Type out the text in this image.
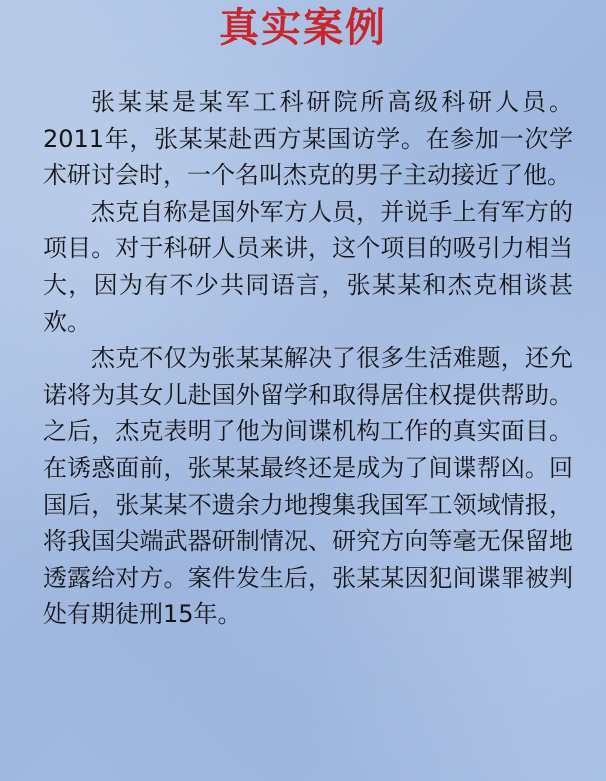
真实案例

张某某是某军工科研院所高级科研人员。2011年，张某某赴西方某国访学。在参加一次学术研讨会时，一个名叫杰克的男子主动接近了他。

杰克自称是国外军方人员，并说手上有军方的项目。对于科研人员来讲，这个项目的吸引力相当大，因为有不少共同语言，张某某和杰克相谈甚欢。

杰克不仅为张某某解决了很多生活难题，还允诺将为其女儿赴国外留学和取得居住权提供帮助。之后，杰克表明了他为间谍机构工作的真实面目。在诱惑面前，张某某最终还是成为了间谍帮凶。回国后，张某某不遗余力地搜集我国军工领域情报，将我国尖端武器研制情况、研究方向等毫无保留地透露给对方。案件发生后，张某某因犯间谍罪被判处有期徒刑15年。
